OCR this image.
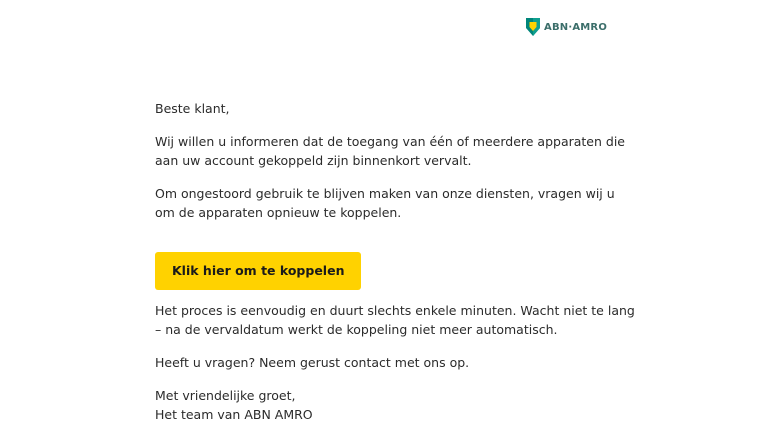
ABN·AMRO
Beste klant,
Wij willen u informeren dat de toegang van één of meerdere apparaten die aan uw account gekoppeld zijn binnenkort vervalt.
Om ongestoord gebruik te blijven maken van onze diensten, vragen wij u om de apparaten opnieuw te koppelen.
Klik hier om te koppelen
Het proces is eenvoudig en duurt slechts enkele minuten. Wacht niet te lang – na de vervaldatum werkt de koppeling niet meer automatisch.
Heeft u vragen? Neem gerust contact met ons op.
Met vriendelijke groet,
Het team van ABN AMRO
